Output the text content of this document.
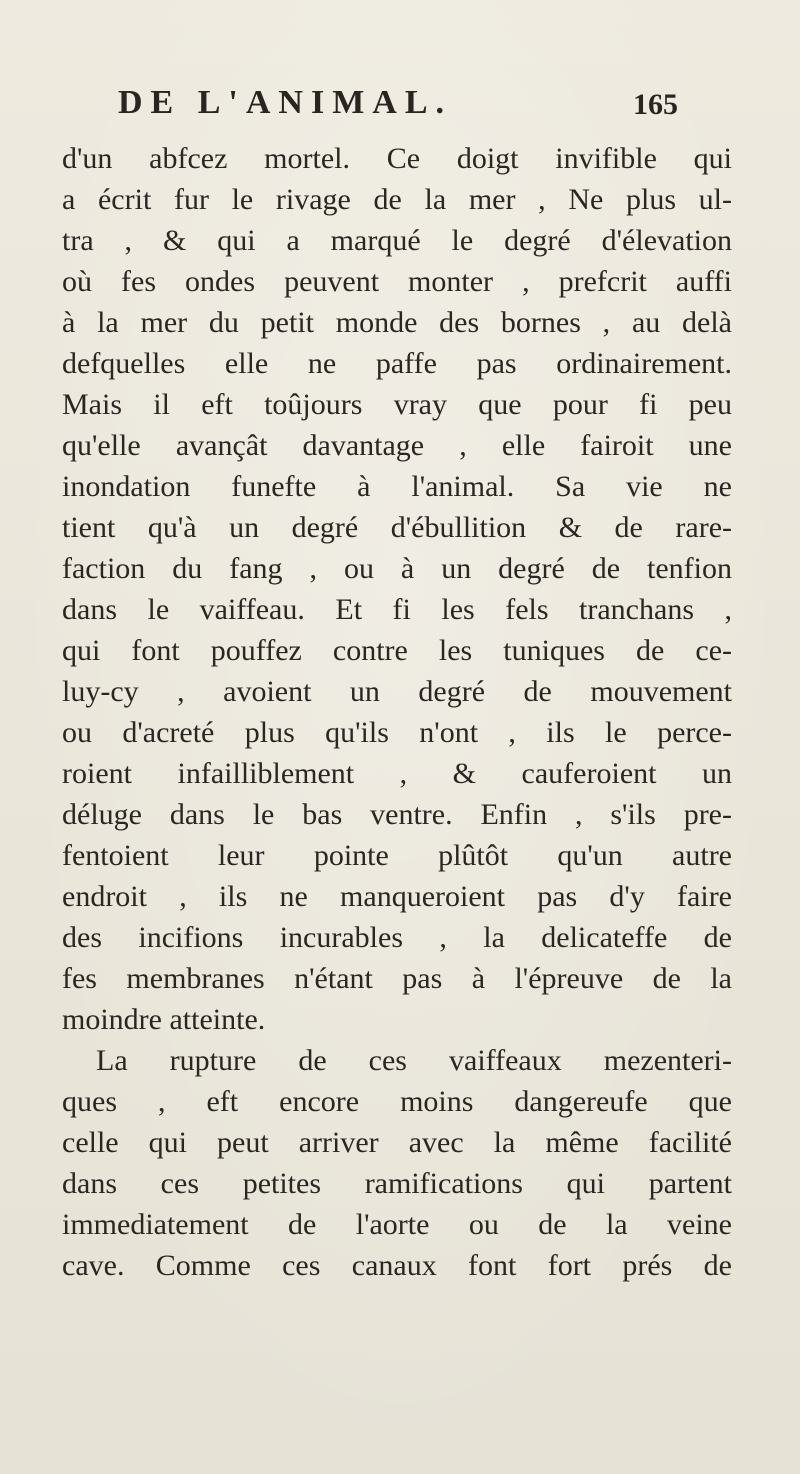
DE L'ANIMAL.	165
d'un abfcez mortel. Ce doigt invifible qui
a écrit fur le rivage de la mer , Ne plus ul-
tra , & qui a marqué le degré d'élevation
où fes ondes peuvent monter , prefcrit auffi
à la mer du petit monde des bornes , au delà
defquelles elle ne paffe pas ordinairement.
Mais il eft toûjours vray que pour fi peu
qu'elle avançât davantage , elle fairoit une
inondation funefte à l'animal. Sa vie ne
tient qu'à un degré d'ébullition & de rare-
faction du fang , ou à un degré de tenfion
dans le vaiffeau. Et fi les fels tranchans ,
qui font pouffez contre les tuniques de ce-
luy-cy , avoient un degré de mouvement
ou d'acreté plus qu'ils n'ont , ils le perce-
roient infailliblement , & cauferoient un
déluge dans le bas ventre. Enfin , s'ils pre-
fentoient leur pointe plûtôt qu'un autre
endroit , ils ne manqueroient pas d'y faire
des incifions incurables , la delicateffe de
fes membranes n'étant pas à l'épreuve de la
moindre atteinte.
La rupture de ces vaiffeaux mezenteri-
ques , eft encore moins dangereufe que
celle qui peut arriver avec la même facilité
dans ces petites ramifications qui partent
immediatement de l'aorte ou de la veine
cave. Comme ces canaux font fort prés de
